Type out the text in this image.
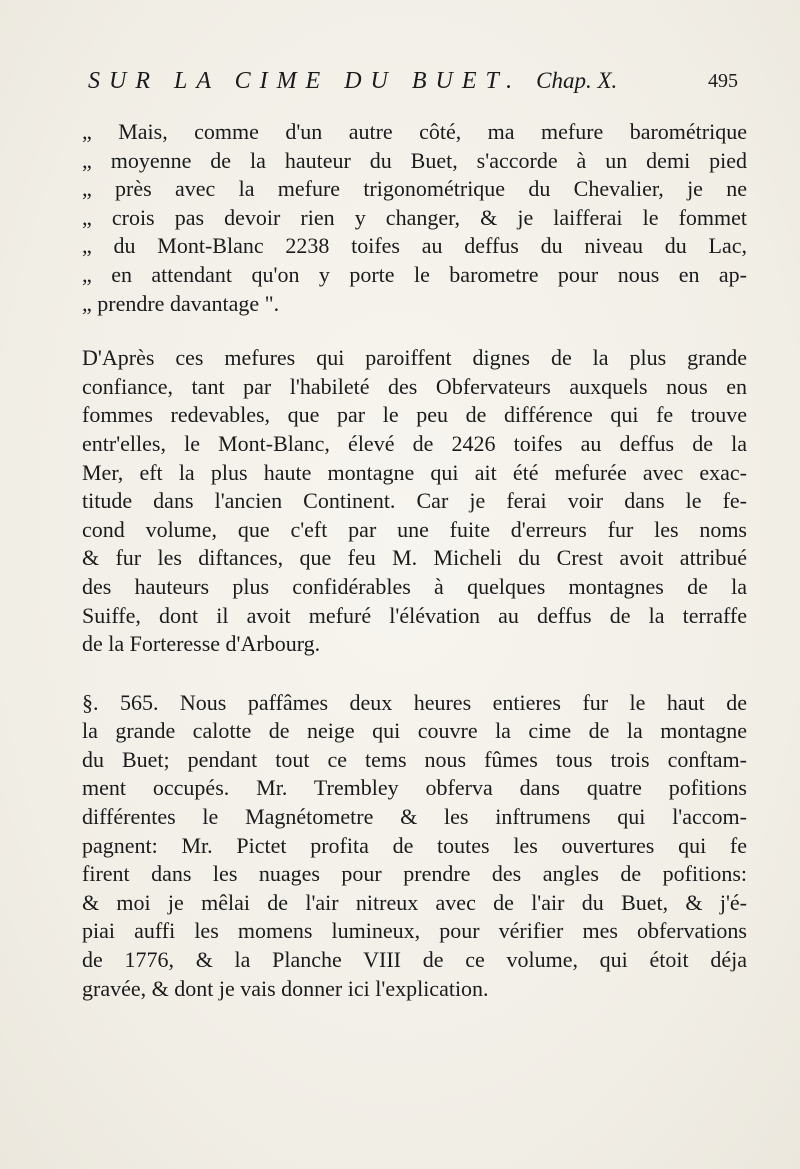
SUR LA CIME DU BUET. Chap. X.	495
„ Mais, comme d'un autre côté, ma mefure barométrique
„ moyenne de la hauteur du Buet, s'accorde à un demi pied
„ près avec la mefure trigonométrique du Chevalier, je ne
„ crois pas devoir rien y changer, & je laifferai le fommet
„ du Mont-Blanc 2238 toifes au deffus du niveau du Lac,
„ en attendant qu'on y porte le barometre pour nous en ap-
„ prendre davantage ".
D'Après ces mefures qui paroiffent dignes de la plus grande
confiance, tant par l'habileté des Obfervateurs auxquels nous en
fommes redevables, que par le peu de différence qui fe trouve
entr'elles, le Mont-Blanc, élevé de 2426 toifes au deffus de la
Mer, eft la plus haute montagne qui ait été mefurée avec exac-
titude dans l'ancien Continent. Car je ferai voir dans le fe-
cond volume, que c'eft par une fuite d'erreurs fur les noms
& fur les diftances, que feu M. Micheli du Crest avoit attribué
des hauteurs plus confidérables à quelques montagnes de la
Suiffe, dont il avoit mefuré l'élévation au deffus de la terraffe
de la Forteresse d'Arbourg.
§. 565. Nous paffâmes deux heures entieres fur le haut de
la grande calotte de neige qui couvre la cime de la montagne
du Buet; pendant tout ce tems nous fûmes tous trois conftam-
ment occupés. Mr. Trembley obferva dans quatre pofitions
différentes le Magnétometre & les inftrumens qui l'accom-
pagnent: Mr. Pictet profita de toutes les ouvertures qui fe
firent dans les nuages pour prendre des angles de pofitions:
& moi je mêlai de l'air nitreux avec de l'air du Buet, & j'é-
piai auffi les momens lumineux, pour vérifier mes obfervations
de 1776, & la Planche VIII de ce volume, qui étoit déja
gravée, & dont je vais donner ici l'explication.
